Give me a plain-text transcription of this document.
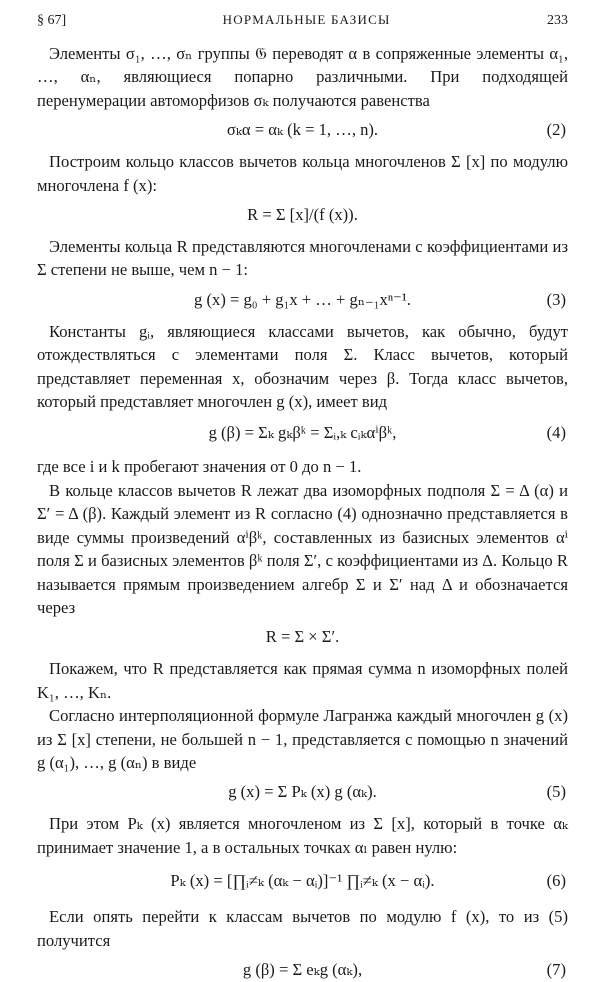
§ 67]	НОРМАЛЬНЫЕ БАЗИСЫ	233

Элементы σ₁, …, σₙ группы 𝔊 переводят α в сопряженные элементы α₁, …, αₙ, являющиеся попарно различными. При подходящей перенумерации автоморфизов σₖ получаются равенства

σₖα = αₖ (k = 1, …, n).	(2)

Построим кольцо классов вычетов кольца многочленов Σ [x] по модулю многочлена f (x):

R = Σ [x]/(f (x)).

Элементы кольца R представляются многочленами с коэффициентами из Σ степени не выше, чем n − 1:

g (x) = g₀ + g₁x + … + gₙ₋₁xⁿ⁻¹.	(3)

Константы gᵢ, являющиеся классами вычетов, как обычно, будут отождествляться с элементами поля Σ. Класс вычетов, который представляет переменная x, обозначим через β. Тогда класс вычетов, который представляет многочлен g (x), имеет вид

g (β) = Σₖ gₖβᵏ = Σᵢ,ₖ cᵢₖαⁱβᵏ,	(4)

где все i и k пробегают значения от 0 до n − 1.

В кольце классов вычетов R лежат два изоморфных подполя Σ = Δ (α) и Σ′ = Δ (β). Каждый элемент из R согласно (4) однозначно представляется в виде суммы произведений αⁱβᵏ, составленных из базисных элементов αⁱ поля Σ и базисных элементов βᵏ поля Σ′, с коэффициентами из Δ. Кольцо R называется прямым произведением алгебр Σ и Σ′ над Δ и обозначается через

R = Σ × Σ′.

Покажем, что R представляется как прямая сумма n изоморфных полей K₁, …, Kₙ.

Согласно интерполяционной формуле Лагранжа каждый многочлен g (x) из Σ [x] степени, не большей n − 1, представляется с помощью n значений g (α₁), …, g (αₙ) в виде

g (x) = Σ Pₖ (x) g (αₖ).	(5)

При этом Pₖ (x) является многочленом из Σ [x], который в точке αₖ принимает значение 1, а в остальных точках αₗ равен нулю:

Pₖ (x) = [∏ᵢ≠ₖ (αₖ − αᵢ)]⁻¹ ∏ᵢ≠ₖ (x − αᵢ).	(6)

Если опять перейти к классам вычетов по модулю f (x), то из (5) получится

g (β) = Σ eₖg (αₖ),	(7)
